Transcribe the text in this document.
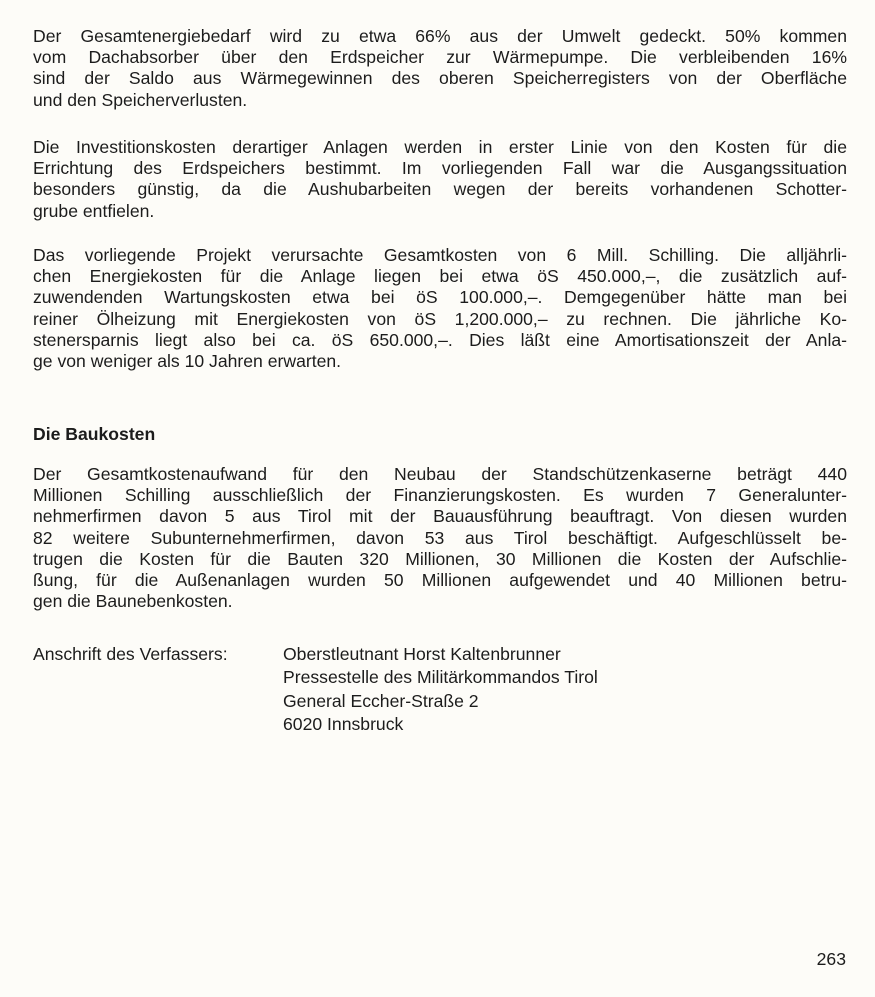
Der Gesamtenergiebedarf wird zu etwa 66% aus der Umwelt gedeckt. 50% kommen
vom Dachabsorber über den Erdspeicher zur Wärmepumpe. Die verbleibenden 16%
sind der Saldo aus Wärmegewinnen des oberen Speicherregisters von der Oberfläche
und den Speicherverlusten.
Die Investitionskosten derartiger Anlagen werden in erster Linie von den Kosten für die
Errichtung des Erdspeichers bestimmt. Im vorliegenden Fall war die Ausgangssituation
besonders günstig, da die Aushubarbeiten wegen der bereits vorhandenen Schotter-
grube entfielen.
Das vorliegende Projekt verursachte Gesamtkosten von 6 Mill. Schilling. Die alljährli-
chen Energiekosten für die Anlage liegen bei etwa öS 450.000,–, die zusätzlich auf-
zuwendenden Wartungskosten etwa bei öS 100.000,–. Demgegenüber hätte man bei
reiner Ölheizung mit Energiekosten von öS 1,200.000,– zu rechnen. Die jährliche Ko-
stenersparnis liegt also bei ca. öS 650.000,–. Dies läßt eine Amortisationszeit der Anla-
ge von weniger als 10 Jahren erwarten.
Die Baukosten
Der Gesamtkostenaufwand für den Neubau der Standschützenkaserne beträgt 440
Millionen Schilling ausschließlich der Finanzierungskosten. Es wurden 7 Generalunter-
nehmerfirmen davon 5 aus Tirol mit der Bauausführung beauftragt. Von diesen wurden
82 weitere Subunternehmerfirmen, davon 53 aus Tirol beschäftigt. Aufgeschlüsselt be-
trugen die Kosten für die Bauten 320 Millionen, 30 Millionen die Kosten der Aufschlie-
ßung, für die Außenanlagen wurden 50 Millionen aufgewendet und 40 Millionen betru-
gen die Baunebenkosten.
Anschrift des Verfassers:	Oberstleutnant Horst Kaltenbrunner
Pressestelle des Militärkommandos Tirol
General Eccher-Straße 2
6020 Innsbruck
263
